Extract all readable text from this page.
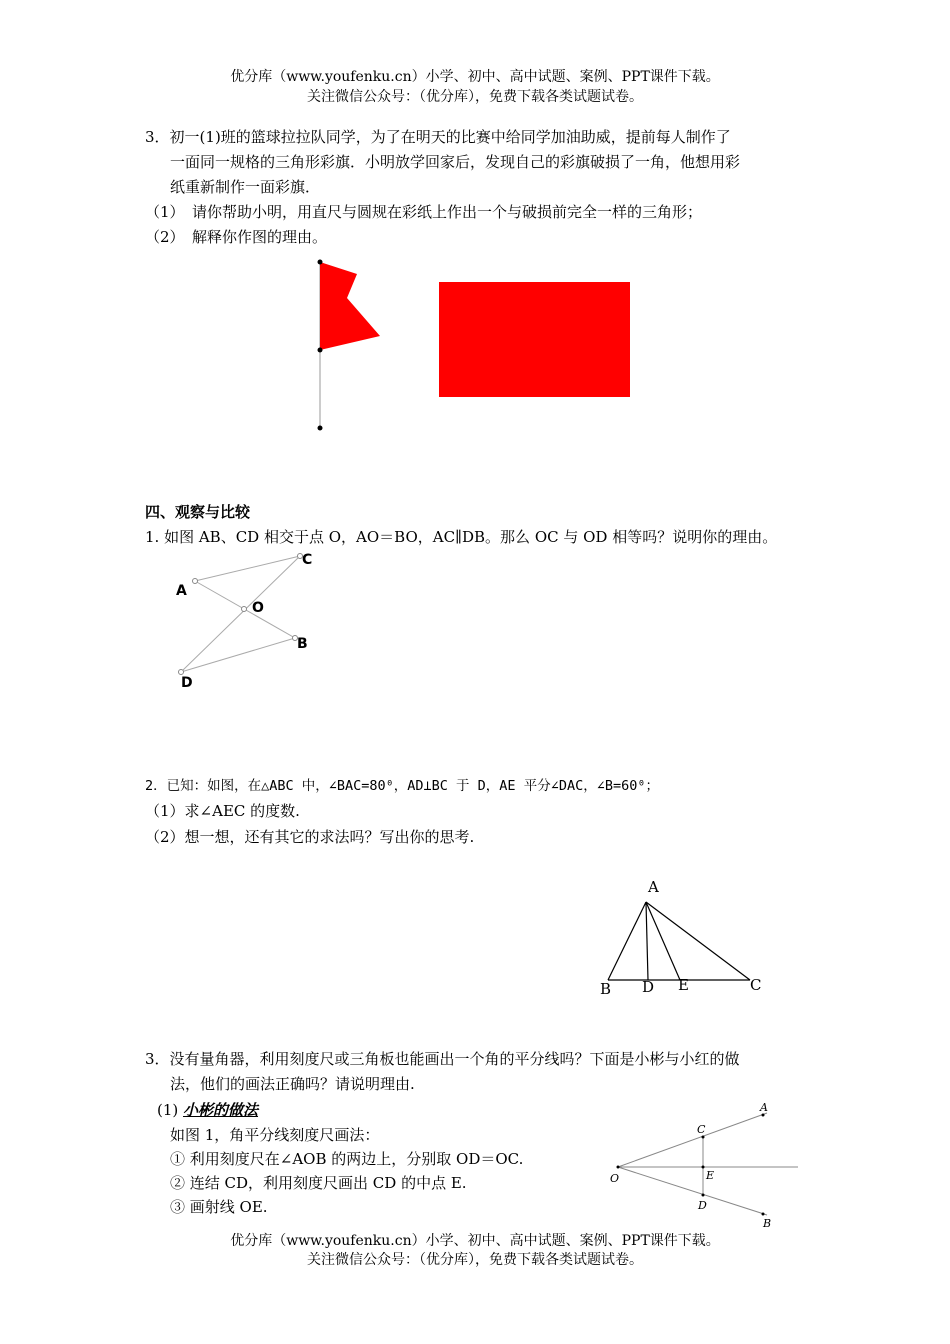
优分库（www.youfenku.cn）小学、初中、高中试题、案例、PPT课件下载。
关注微信公众号：（优分库），免费下载各类试题试卷。
3．初一(1)班的篮球拉拉队同学，为了在明天的比赛中给同学加油助威，提前每人制作了
一面同一规格的三角形彩旗．小明放学回家后，发现自己的彩旗破损了一角，他想用彩
纸重新制作一面彩旗．
（1）　请你帮助小明，用直尺与圆规在彩纸上作出一个与破损前完全一样的三角形；
（2）　解释你作图的理由。
四、观察与比较
1. 如图 AB、CD 相交于点 O，AO＝BO，AC∥DB。那么 OC 与 OD 相等吗？说明你的理由。
A
C
O
B
D
2．已知：如图，在△ABC 中，∠BAC=80⁰，AD⊥BC 于 D，AE 平分∠DAC，∠B=60⁰；
（1）求∠AEC 的度数.
（2）想一想，还有其它的求法吗？写出你的思考.
A
B D E	C
3．没有量角器，利用刻度尺或三角板也能画出一个角的平分线吗？下面是小彬与小红的做
法，他们的画法正确吗？请说明理由.
(1) 小彬的做法
如图 1，角平分线刻度尺画法：
① 利用刻度尺在∠AOB 的两边上，分别取 OD＝OC.
② 连结 CD，利用刻度尺画出 CD 的中点 E.
③ 画射线 OE.
O
C
E
D
A
B
优分库（www.youfenku.cn）小学、初中、高中试题、案例、PPT课件下载。
关注微信公众号：（优分库），免费下载各类试题试卷。
